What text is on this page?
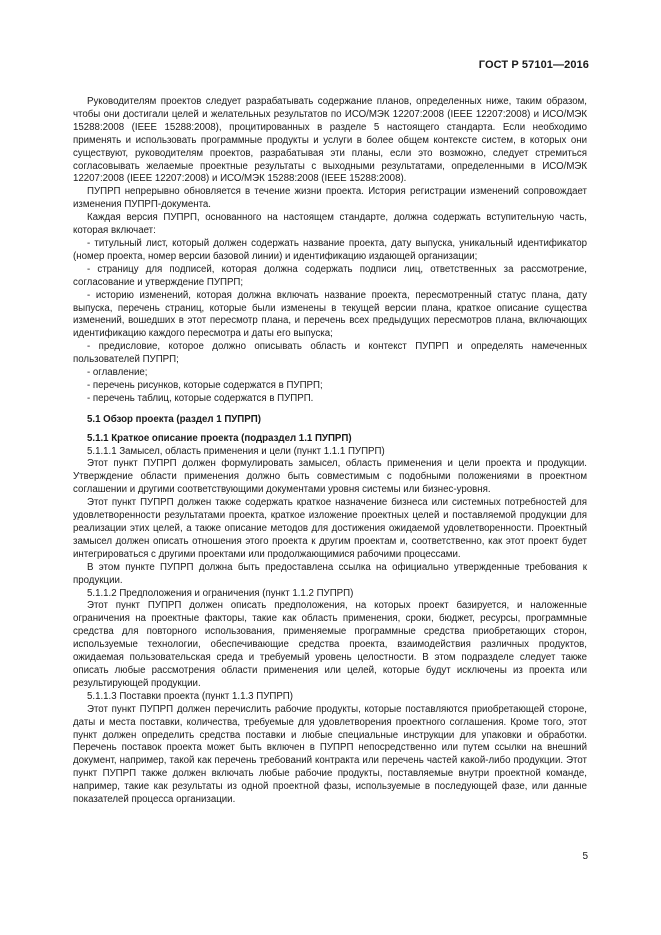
ГОСТ Р 57101—2016

Руководителям проектов следует разрабатывать содержание планов, определенных ниже, таким образом, чтобы они достигали целей и желательных результатов по ИСО/МЭК 12207:2008 (IEEE 12207:2008) и ИСО/МЭК 15288:2008 (IEEE 15288:2008), процитированных в разделе 5 настоящего стандарта. Если необходимо применять и использовать программные продукты и услуги в более общем контексте систем, в которых они существуют, руководителям проектов, разрабатывая эти планы, если это возможно, следует стремиться согласовывать желаемые проектные результаты с выходными результатами, определенными в ИСО/МЭК 12207:2008 (IEEE 12207:2008) и ИСО/МЭК 15288:2008 (IEEE 15288:2008).

ПУПРП непрерывно обновляется в течение жизни проекта. История регистрации изменений сопровождает изменения ПУПРП-документа.

Каждая версия ПУПРП, основанного на настоящем стандарте, должна содержать вступительную часть, которая включает:

- титульный лист, который должен содержать название проекта, дату выпуска, уникальный идентификатор (номер проекта, номер версии базовой линии) и идентификацию издающей организации;

- страницу для подписей, которая должна содержать подписи лиц, ответственных за рассмотрение, согласование и утверждение ПУПРП;

- историю изменений, которая должна включать название проекта, пересмотренный статус плана, дату выпуска, перечень страниц, которые были изменены в текущей версии плана, краткое описание существа изменений, вошедших в этот пересмотр плана, и перечень всех предыдущих пересмотров плана, включающих идентификацию каждого пересмотра и даты его выпуска;

- предисловие, которое должно описывать область и контекст ПУПРП и определять намеченных пользователей ПУПРП;

- оглавление;

- перечень рисунков, которые содержатся в ПУПРП;

- перечень таблиц, которые содержатся в ПУПРП.

5.1 Обзор проекта (раздел 1 ПУПРП)

5.1.1 Краткое описание проекта (подраздел 1.1 ПУПРП)

5.1.1.1 Замысел, область применения и цели (пункт 1.1.1 ПУПРП)

Этот пункт ПУПРП должен формулировать замысел, область применения и цели проекта и продукции. Утверждение области применения должно быть совместимым с подобными положениями в проектном соглашении и другими соответствующими документами уровня системы или бизнес-уровня.

Этот пункт ПУПРП должен также содержать краткое назначение бизнеса или системных потребностей для удовлетворенности результатами проекта, краткое изложение проектных целей и поставляемой продукции для реализации этих целей, а также описание методов для достижения ожидаемой удовлетворенности. Проектный замысел должен описать отношения этого проекта к другим проектам и, соответственно, как этот проект будет интегрироваться с другими проектами или продолжающимися рабочими процессами.

В этом пункте ПУПРП должна быть предоставлена ссылка на официально утвержденные требования к продукции.

5.1.1.2 Предположения и ограничения (пункт 1.1.2 ПУПРП)

Этот пункт ПУПРП должен описать предположения, на которых проект базируется, и наложенные ограничения на проектные факторы, такие как область применения, сроки, бюджет, ресурсы, программные средства для повторного использования, применяемые программные средства приобретающих сторон, используемые технологии, обеспечивающие средства проекта, взаимодействия различных продуктов, ожидаемая пользовательская среда и требуемый уровень целостности. В этом подразделе следует также описать любые рассмотрения области применения или целей, которые будут исключены из проекта или результирующей продукции.

5.1.1.3 Поставки проекта (пункт 1.1.3 ПУПРП)

Этот пункт ПУПРП должен перечислить рабочие продукты, которые поставляются приобретающей стороне, даты и места поставки, количества, требуемые для удовлетворения проектного соглашения. Кроме того, этот пункт должен определить средства поставки и любые специальные инструкции для упаковки и обработки. Перечень поставок проекта может быть включен в ПУПРП непосредственно или путем ссылки на внешний документ, например, такой как перечень требований контракта или перечень частей какой-либо продукции. Этот пункт ПУПРП также должен включать любые рабочие продукты, поставляемые внутри проектной команде, например, такие как результаты из одной проектной фазы, используемые в последующей фазе, или данные показателей процесса организации.

5
